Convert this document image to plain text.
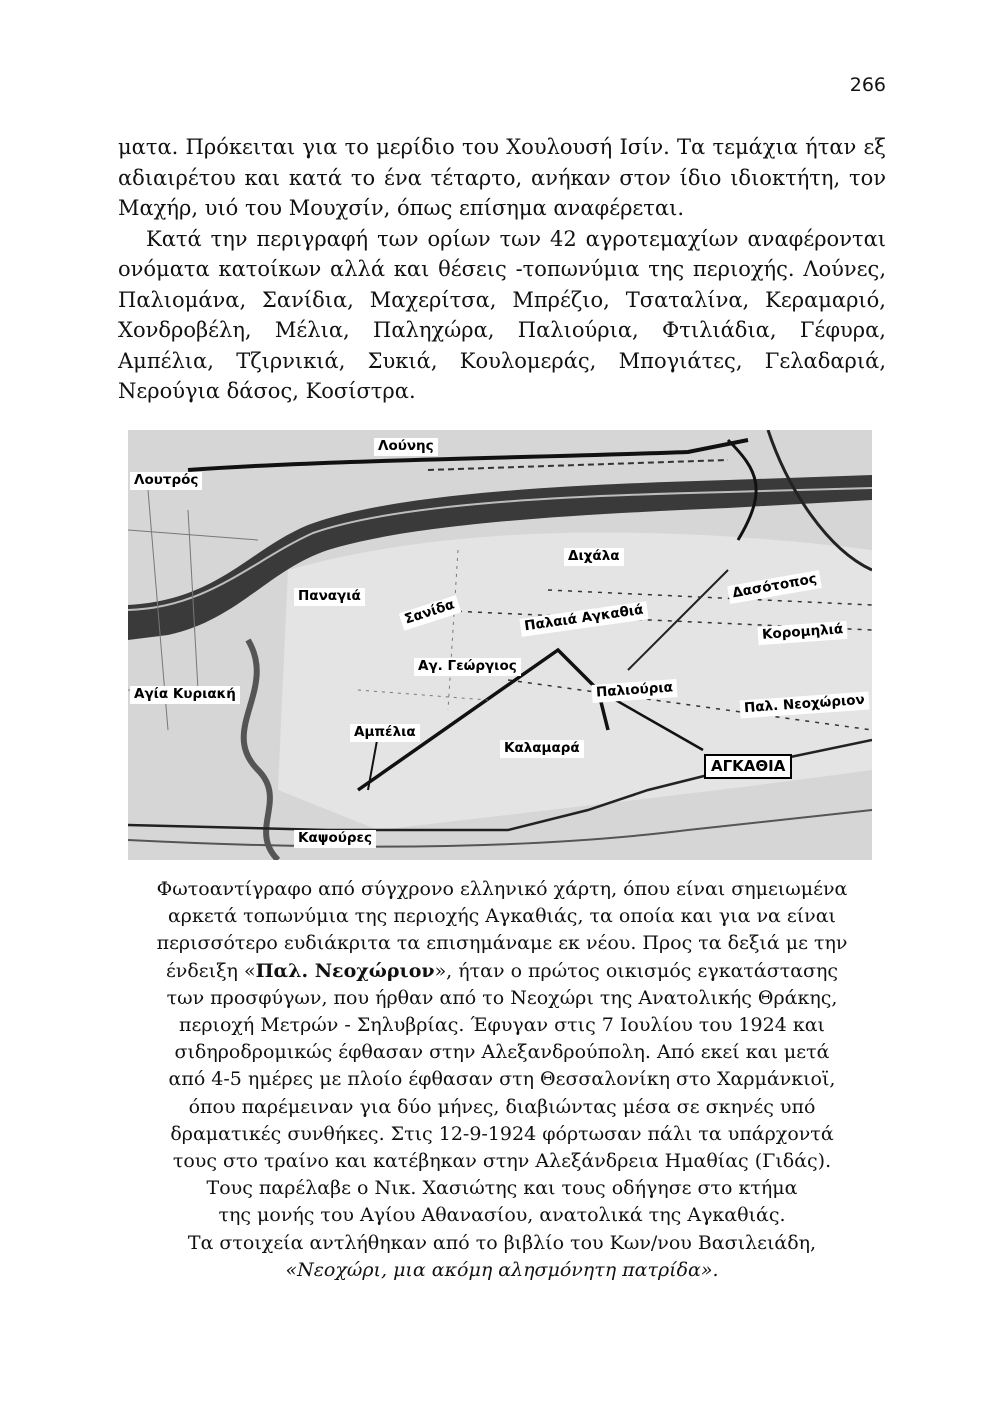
266

ματα. Πρόκειται για το μερίδιο του Χουλουσή Ισίν. Τα τεμάχια ήταν εξ αδιαιρέτου και κατά το ένα τέταρτο, ανήκαν στον ίδιο ιδιοκτήτη, τον Μαχήρ, υιό του Μουχσίν, όπως επίσημα αναφέρεται.

Κατά την περιγραφή των ορίων των 42 αγροτεμαχίων αναφέρονται ονόματα κατοίκων αλλά και θέσεις -τοπωνύμια της περιοχής. Λούνες, Παλιομάνα, Σανίδια, Μαχερίτσα, Μπρέζιο, Τσαταλίνα, Κεραμαριό, Χονδροβέλη, Μέλια, Παληχώρα, Παλιούρια, Φτιλιάδια, Γέφυρα, Αμπέλια, Τζιρνικιά, Συκιά, Κουλομεράς, Μπογιάτες, Γελαδαριά, Νερούγια δάσος, Κοσίστρα.

Λούνης
Λουτρός
Διχάλα
Δασότοπος
Παναγιά
Σανίδα	Παλαιά Αγκαθιά	Κορομηλιά
Αγ. Γεώργιος
Αγία Κυριακή	Παλιούρια
Παλ. Νεοχώριον
Αμπέλια
Καλαμαρά
ΑΓΚΑΘΙΑ
Καψούρες
Φωτοαντίγραφο από σύγχρονο ελληνικό χάρτη, όπου είναι σημειωμένα
αρκετά τοπωνύμια της περιοχής Αγκαθιάς, τα οποία και για να είναι
περισσότερο ευδιάκριτα τα επισημάναμε εκ νέου. Προς τα δεξιά με την
ένδειξη «Παλ. Νεοχώριον», ήταν ο πρώτος οικισμός εγκατάστασης
των προσφύγων, που ήρθαν από το Νεοχώρι της Ανατολικής Θράκης,
περιοχή Μετρών - Σηλυβρίας. Έφυγαν στις 7 Ιουλίου του 1924 και
σιδηροδρομικώς έφθασαν στην Αλεξανδρούπολη. Από εκεί και μετά
από 4-5 ημέρες με πλοίο έφθασαν στη Θεσσαλονίκη στο Χαρμάνκιοϊ,
όπου παρέμειναν για δύο μήνες, διαβιώντας μέσα σε σκηνές υπό
δραματικές συνθήκες. Στις 12-9-1924 φόρτωσαν πάλι τα υπάρχοντά
τους στο τραίνο και κατέβηκαν στην Αλεξάνδρεια Ημαθίας (Γιδάς).
Τους παρέλαβε ο Νικ. Χασιώτης και τους οδήγησε στο κτήμα
της μονής του Αγίου Αθανασίου, ανατολικά της Αγκαθιάς.
Τα στοιχεία αντλήθηκαν από το βιβλίο του Κων/νου Βασιλειάδη,
«Νεοχώρι, μια ακόμη αλησμόνητη πατρίδα».
